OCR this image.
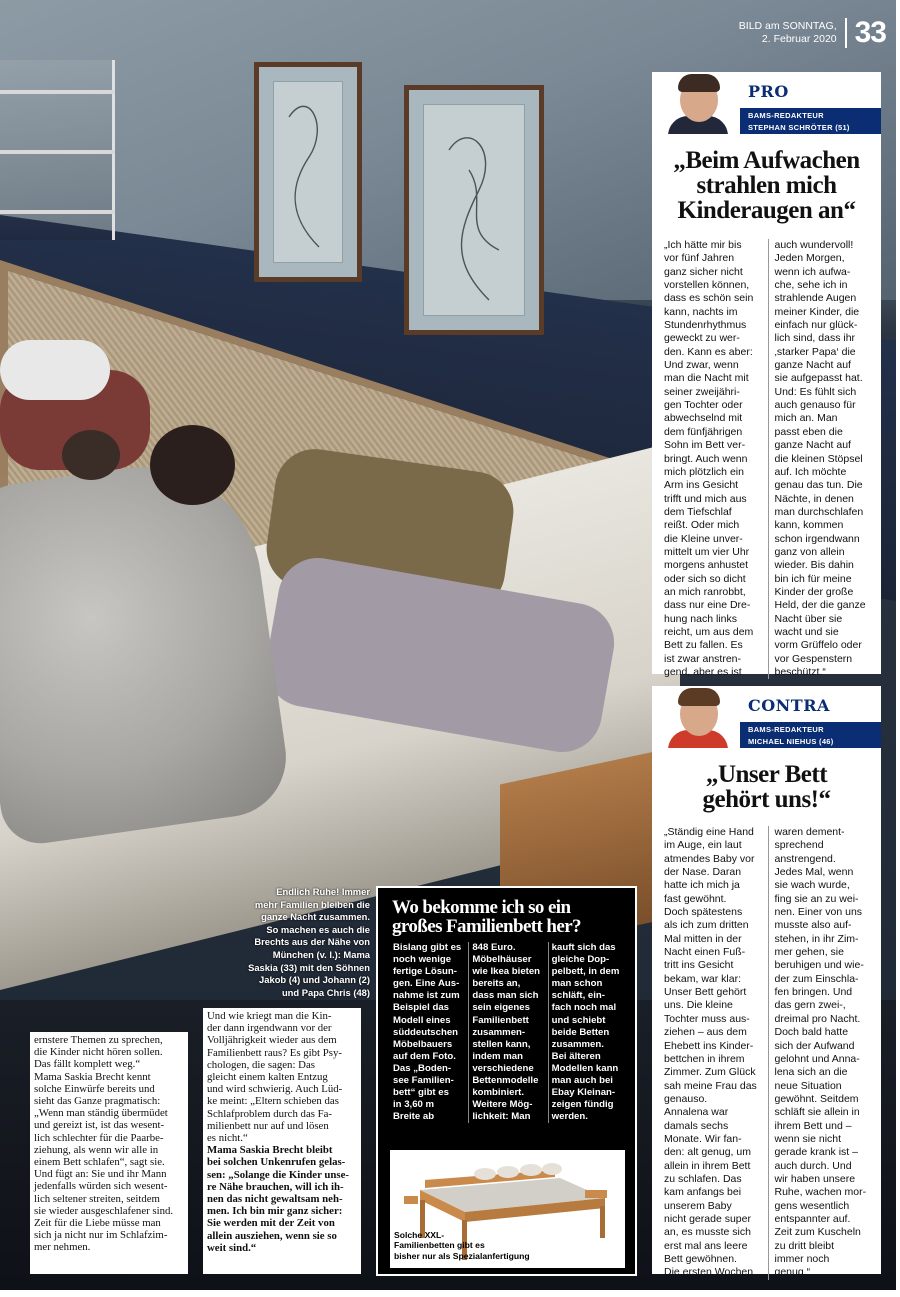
BILD am SONNTAG,
2. Februar 2020 33
PRO
BAMS-REDAKTEUR
STEPHAN SCHRÖTER (51)
„Beim Aufwachen
strahlen mich
Kinderaugen an“
„Ich hätte mir bis
vor fünf Jahren
ganz sicher nicht
vorstellen können,
dass es schön sein
kann, nachts im
Stundenrhythmus
geweckt zu wer-
den. Kann es aber:
Und zwar, wenn
man die Nacht mit
seiner zweijähri-
gen Tochter oder
abwechselnd mit
dem fünfjährigen
Sohn im Bett ver-
bringt. Auch wenn
mich plötzlich ein
Arm ins Gesicht
trifft und mich aus
dem Tiefschlaf
reißt. Oder mich
die Kleine unver-
mittelt um vier Uhr
morgens anhustet
oder sich so dicht
an mich ranrobbt,
dass nur eine Dre-
hung nach links
reicht, um aus dem
Bett zu fallen. Es
ist zwar anstren-
gend, aber es ist
auch wundervoll!
Jeden Morgen,
wenn ich aufwa-
che, sehe ich in
strahlende Augen
meiner Kinder, die
einfach nur glück-
lich sind, dass ihr
‚starker Papa‘ die
ganze Nacht auf
sie aufgepasst hat.
Und: Es fühlt sich
auch genauso für
mich an. Man
passt eben die
ganze Nacht auf
die kleinen Stöpsel
auf. Ich möchte
genau das tun. Die
Nächte, in denen
man durchschlafen
kann, kommen
schon irgendwann
ganz von allein
wieder. Bis dahin
bin ich für meine
Kinder der große
Held, der die ganze
Nacht über sie
wacht und sie
vorm Grüffelo oder
vor Gespenstern
beschützt.“
CONTRA
BAMS-REDAKTEUR
MICHAEL NIEHUS (46)
„Unser Bett
gehört uns!“
„Ständig eine Hand
im Auge, ein laut
atmendes Baby vor
der Nase. Daran
hatte ich mich ja
fast gewöhnt.
Doch spätestens
als ich zum dritten
Mal mitten in der
Nacht einen Fuß-
tritt ins Gesicht
bekam, war klar:
Unser Bett gehört
uns. Die kleine
Tochter muss aus-
ziehen – aus dem
Ehebett ins Kinder-
bettchen in ihrem
Zimmer. Zum Glück
sah meine Frau das
genauso.
Annalena war
damals sechs
Monate. Wir fan-
den: alt genug, um
allein in ihrem Bett
zu schlafen. Das
kam anfangs bei
unserem Baby
nicht gerade super
an, es musste sich
erst mal ans leere
Bett gewöhnen.
Die ersten Wochen
waren dement-
sprechend
anstrengend.
Jedes Mal, wenn
sie wach wurde,
fing sie an zu wei-
nen. Einer von uns
musste also auf-
stehen, in ihr Zim-
mer gehen, sie
beruhigen und wie-
der zum Einschla-
fen bringen. Und
das gern zwei-,
dreimal pro Nacht.
Doch bald hatte
sich der Aufwand
gelohnt und Anna-
lena sich an die
neue Situation
gewöhnt. Seitdem
schläft sie allein in
ihrem Bett und –
wenn sie nicht
gerade krank ist –
auch durch. Und
wir haben unsere
Ruhe, wachen mor-
gens wesentlich
entspannter auf.
Zeit zum Kuscheln
zu dritt bleibt
immer noch
genug.“
Endlich Ruhe! Immer
mehr Familien bleiben die
ganze Nacht zusammen.
So machen es auch die
Brechts aus der Nähe von
München (v. l.): Mama
Saskia (33) mit den Söhnen
Jakob (4) und Johann (2)
und Papa Chris (48)
ernstere Themen zu sprechen,
die Kinder nicht hören sollen.
Das fällt komplett weg.“
Mama Saskia Brecht kennt
solche Einwürfe bereits und
sieht das Ganze pragmatisch:
„Wenn man ständig übermüdet
und gereizt ist, ist das wesent-
lich schlechter für die Paarbe-
ziehung, als wenn wir alle in
einem Bett schlafen“, sagt sie.
Und fügt an: Sie und ihr Mann
jedenfalls würden sich wesent-
lich seltener streiten, seitdem
sie wieder ausgeschlafener sind.
Zeit für die Liebe müsse man
sich ja nicht nur im Schlafzim-
mer nehmen.
Und wie kriegt man die Kin-
der dann irgendwann vor der
Volljährigkeit wieder aus dem
Familienbett raus? Es gibt Psy-
chologen, die sagen: Das
gleicht einem kalten Entzug
und wird schwierig. Auch Lüd-
ke meint: „Eltern schieben das
Schlafproblem durch das Fa-
milienbett nur auf und lösen
es nicht.“
Mama Saskia Brecht bleibt
bei solchen Unkenrufen gelas-
sen: „Solange die Kinder unse-
re Nähe brauchen, will ich ih-
nen das nicht gewaltsam neh-
men. Ich bin mir ganz sicher:
Sie werden mit der Zeit von
allein ausziehen, wenn sie so
weit sind.“
Wo bekomme ich so ein
großes Familienbett her?
Bislang gibt es
noch wenige
fertige Lösun-
gen. Eine Aus-
nahme ist zum
Beispiel das
Modell eines
süddeutschen
Möbelbauers
auf dem Foto.
Das „Boden-
see Familien-
bett“ gibt es
in 3,60 m
Breite ab
848 Euro.
Möbelhäuser
wie Ikea bieten
bereits an,
dass man sich
sein eigenes
Familienbett
zusammen-
stellen kann,
indem man
verschiedene
Bettenmodelle
kombiniert.
Weitere Mög-
lichkeit: Man
kauft sich das
gleiche Dop-
pelbett, in dem
man schon
schläft, ein-
fach noch mal
und schiebt
beide Betten
zusammen.
Bei älteren
Modellen kann
man auch bei
Ebay Kleinan-
zeigen fündig
werden.
Solche XXL-
Familienbetten gibt es
bisher nur als Spezialanfertigung
